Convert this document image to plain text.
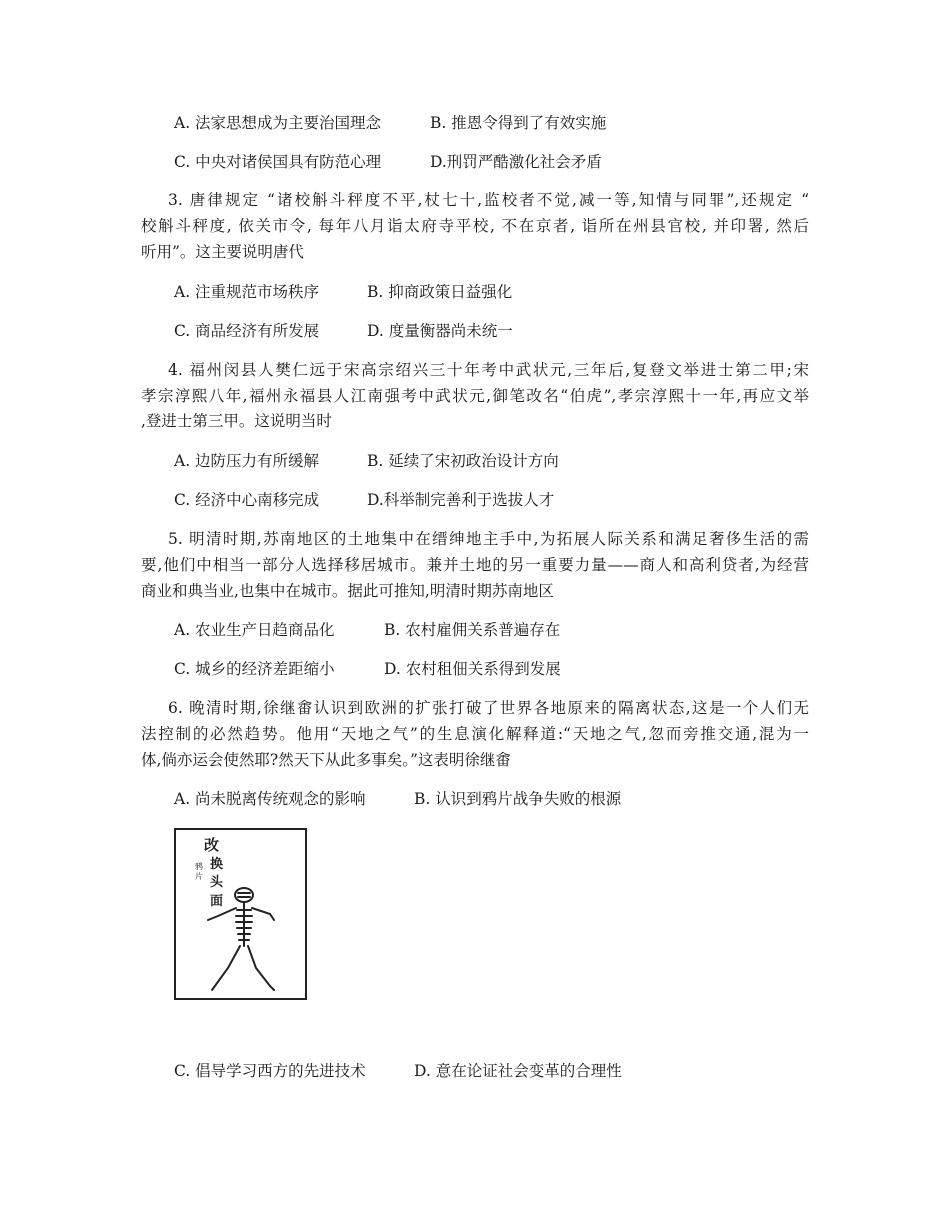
A. 法家思想成为主要治国理念	B. 推恩令得到了有效实施
C. 中央对诸侯国具有防范心理	D.刑罚严酷激化社会矛盾
3. 唐律规定 “诸校斛斗秤度不平,杖七十,监校者不觉,减一等,知情与同罪”,还规定 “
校斛斗秤度, 依关市令, 每年八月诣太府寺平校, 不在京者, 诣所在州县官校, 并印署, 然后
听用”。这主要说明唐代
A. 注重规范市场秩序	B. 抑商政策日益强化
C. 商品经济有所发展	D. 度量衡器尚未统一
4. 福州闵县人樊仁远于宋高宗绍兴三十年考中武状元,三年后,复登文举进士第二甲;宋
孝宗淳熙八年,福州永福县人江南强考中武状元,御笔改名“伯虎”,孝宗淳熙十一年,再应文举
,登进士第三甲。这说明当时
A. 边防压力有所缓解	B. 延续了宋初政治设计方向
C. 经济中心南移完成	D.科举制完善利于选拔人才
5. 明清时期,苏南地区的土地集中在缙绅地主手中,为拓展人际关系和满足奢侈生活的需
要,他们中相当一部分人选择移居城市。兼并土地的另一重要力量——商人和高利贷者,为经营
商业和典当业,也集中在城市。据此可推知,明清时期苏南地区
A. 农业生产日趋商品化	B. 农村雇佣关系普遍存在
C. 城乡的经济差距缩小	D. 农村租佃关系得到发展
6. 晚清时期,徐继畬认识到欧洲的扩张打破了世界各地原来的隔离状态,这是一个人们无
法控制的必然趋势。他用“天地之气”的生息演化解释道:“天地之气,忽而旁推交通,混为一
体,倘亦运会使然耶?然天下从此多事矣。”这表明徐继畬
A. 尚未脱离传统观念的影响	B. 认识到鸦片战争失败的根源
改
换
头
面
鸦
片
C. 倡导学习西方的先进技术	D. 意在论证社会变革的合理性
